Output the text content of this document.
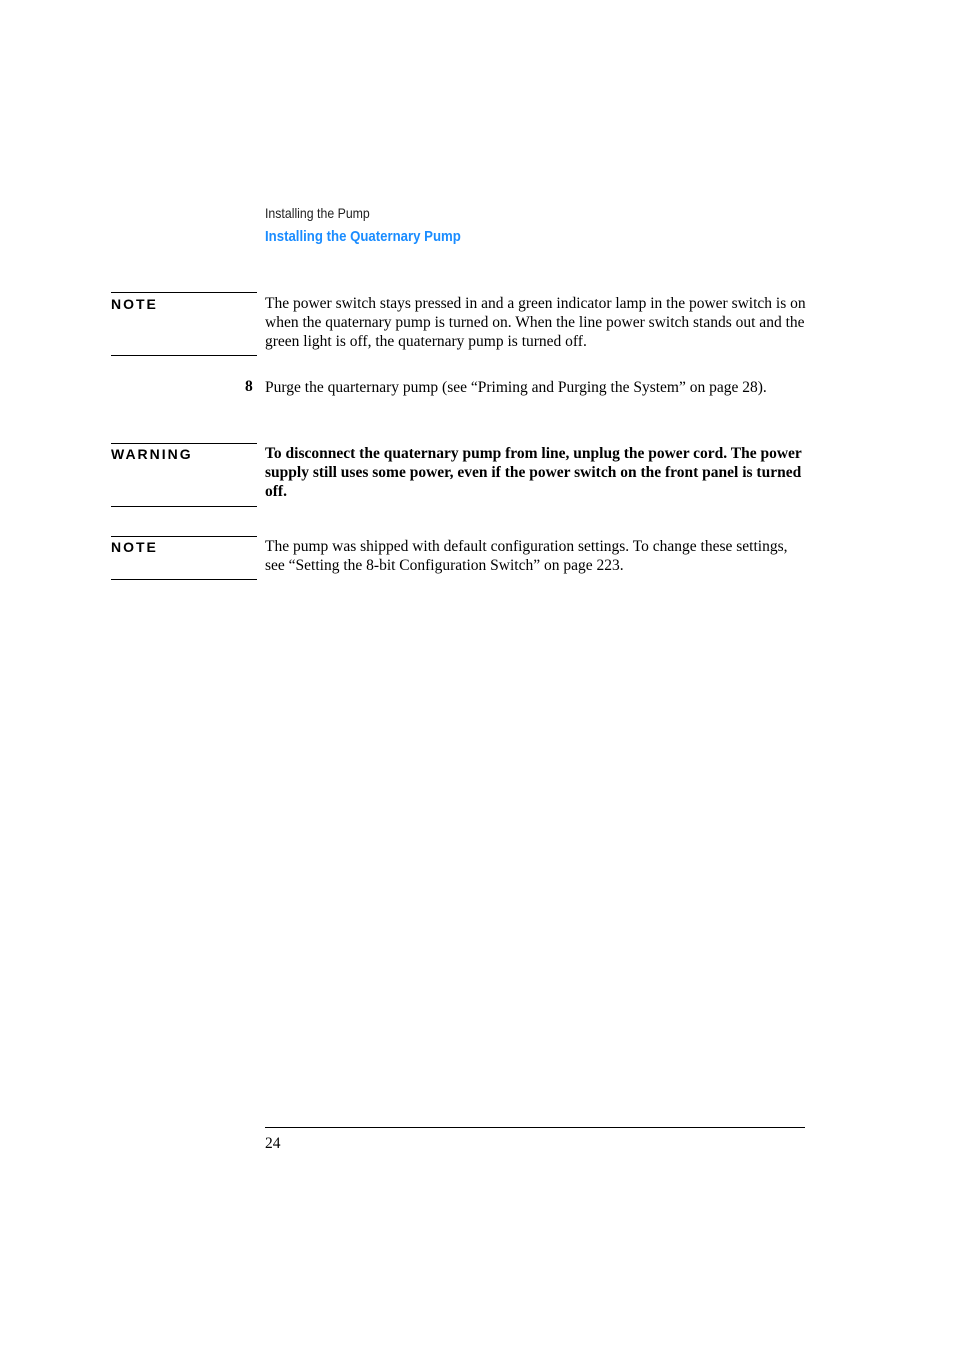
Installing the Pump
Installing the Quaternary Pump
NOTE	The power switch stays pressed in and a green indicator lamp in the power switch is on when the quaternary pump is turned on. When the line power switch stands out and the green light is off, the quaternary pump is turned off.
8 Purge the quarternary pump (see “Priming and Purging the System” on page 28).
WARNING	To disconnect the quaternary pump from line, unplug the power cord. The power supply still uses some power, even if the power switch on the front panel is turned off.
NOTE	The pump was shipped with default configuration settings. To change these settings, see “Setting the 8-bit Configuration Switch” on page 223.
24
